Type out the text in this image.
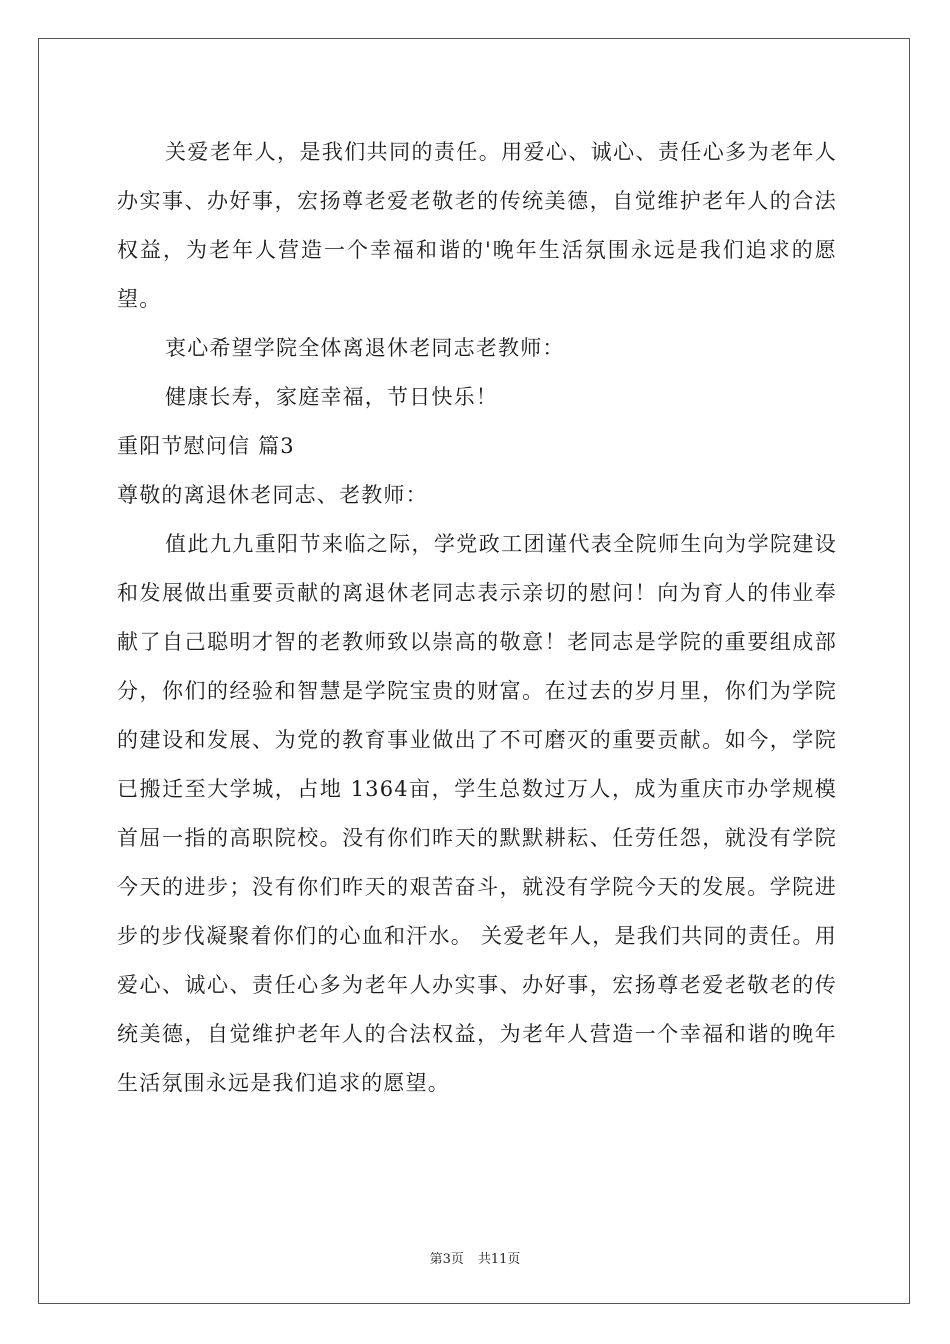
关爱老年人，是我们共同的责任。用爱心、诚心、责任心多为老年人办实事、办好事，宏扬尊老爱老敬老的传统美德，自觉维护老年人的合法权益，为老年人营造一个幸福和谐的'晚年生活氛围永远是我们追求的愿望。

衷心希望学院全体离退休老同志老教师：

健康长寿，家庭幸福，节日快乐！

重阳节慰问信 篇3

尊敬的离退休老同志、老教师：

值此九九重阳节来临之际，学党政工团谨代表全院师生向为学院建设和发展做出重要贡献的离退休老同志表示亲切的慰问！向为育人的伟业奉献了自己聪明才智的老教师致以崇高的敬意！老同志是学院的重要组成部分，你们的经验和智慧是学院宝贵的财富。在过去的岁月里，你们为学院的建设和发展、为党的教育事业做出了不可磨灭的重要贡献。如今，学院已搬迁至大学城，占地 1364亩，学生总数过万人，成为重庆市办学规模首屈一指的高职院校。没有你们昨天的默默耕耘、任劳任怨，就没有学院今天的进步；没有你们昨天的艰苦奋斗，就没有学院今天的发展。学院进步的步伐凝聚着你们的心血和汗水。 关爱老年人，是我们共同的责任。用爱心、诚心、责任心多为老年人办实事、办好事，宏扬尊老爱老敬老的传统美德，自觉维护老年人的合法权益，为老年人营造一个幸福和谐的晚年生活氛围永远是我们追求的愿望。

第3页 共11页
